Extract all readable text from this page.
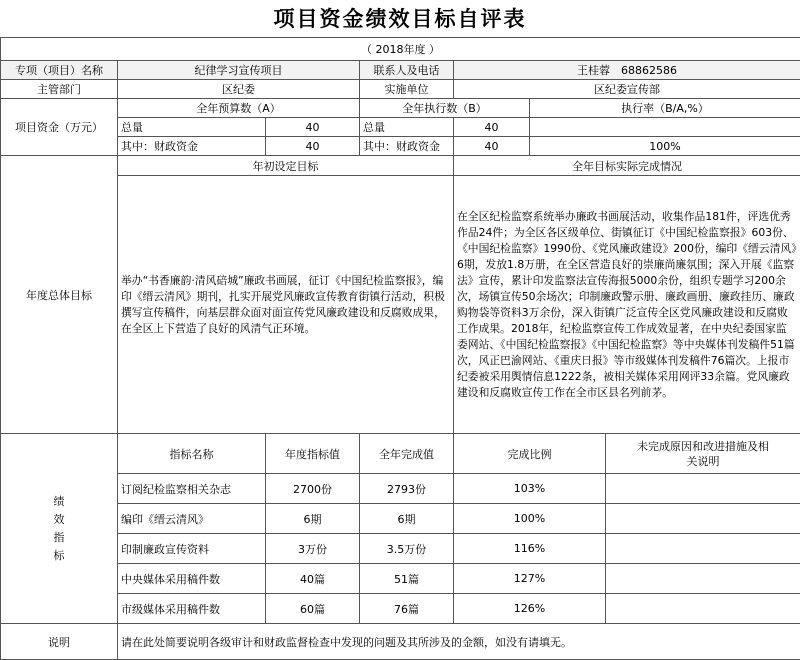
项目资金绩效目标自评表
（ 2018年度 ）						
专项（项目）名称	纪律学习宣传项目		联系人及电话	王桂蓉　68862586		
主管部门	区纪委		实施单位	区纪委宣传部		
项目资金（万元）	全年预算数（A）		全年执行数（B）		执行率（B/A,%）	
	总量	40	总量	40		
	其中：财政资金	40	其中：财政资金	40	100%	
年度总体目标	年初设定目标			全年目标实际完成情况		
	举办“书香廉韵·清风碚城”廉政书画展，征订《中国纪检监察报》，编印《缙云清风》期刊，扎实开展党风廉政宣传教育街镇行活动，积极撰写宣传稿件，向基层群众面对面宣传党风廉政建设和反腐败成果，在全区上下营造了良好的风清气正环境。			在全区纪检监察系统举办廉政书画展活动，收集作品181件，评选优秀作品24件；为全区各区级单位、街镇征订《中国纪检监察报》603份、《中国纪检监察》1990份、《党风廉政建设》200份，编印《缙云清风》6期，发放1.8万册，在全区营造良好的崇廉尚廉氛围；深入开展《监察法》宣传，累计印发监察法宣传海报5000余份，组织专题学习200余次，场镇宣传50余场次；印制廉政警示册、廉政画册、廉政挂历、廉政购物袋等资料3万余份，深入街镇广泛宣传全区党风廉政建设和反腐败工作成果。2018年，纪检监察宣传工作成效显著，在中央纪委国家监委网站、《中国纪检监察报》《中国纪检监察》等中央媒体刊发稿件51篇次，风正巴渝网站、《重庆日报》等市级媒体刊发稿件76篇次。上报市纪委被采用舆情信息1222条，被相关媒体采用网评33余篇。党风廉政建设和反腐败宣传工作在全市区县名列前茅。		
绩效指标	指标名称	年度指标值	全年完成值	完成比例		未完成原因和改进措施及相关说明
	订阅纪检监察相关杂志	2700份	2793份	103%		
	编印《缙云清风》	6期	6期	100%		
	印制廉政宣传资料	3万份	3.5万份	116%		
	中央媒体采用稿件数	40篇	51篇	127%		
	市级媒体采用稿件数	60篇	76篇	126%		
说明	请在此处简要说明各级审计和财政监督检查中发现的问题及其所涉及的金额，如没有请填无。					
